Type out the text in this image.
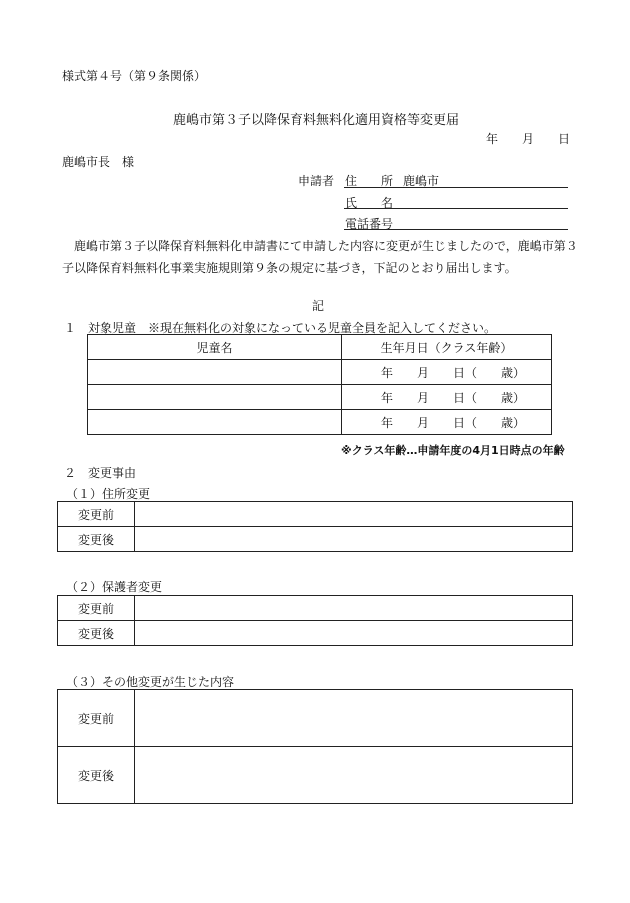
様式第４号（第９条関係）
鹿嶋市第３子以降保育料無料化適用資格等変更届
年　　月　　日
鹿嶋市長　様
申請者 住　　所 鹿嶋市
氏　　名
電話番号
鹿嶋市第３子以降保育料無料化申請書にて申請した内容に変更が生じましたので，鹿嶋市第３
子以降保育料無料化事業実施規則第９条の規定に基づき，下記のとおり届出します。
記
１　対象児童　※現在無料化の対象になっている児童全員を記入してください。
児童名	生年月日（クラス年齢）
	年　　月　　日（　　歳）
	年　　月　　日（　　歳）
	年　　月　　日（　　歳）
※クラス年齢…申請年度の4月1日時点の年齢
２　変更事由
（１）住所変更
変更前	
変更後	
（２）保護者変更
変更前	
変更後	
（３）その他変更が生じた内容
変更前	
変更後	
